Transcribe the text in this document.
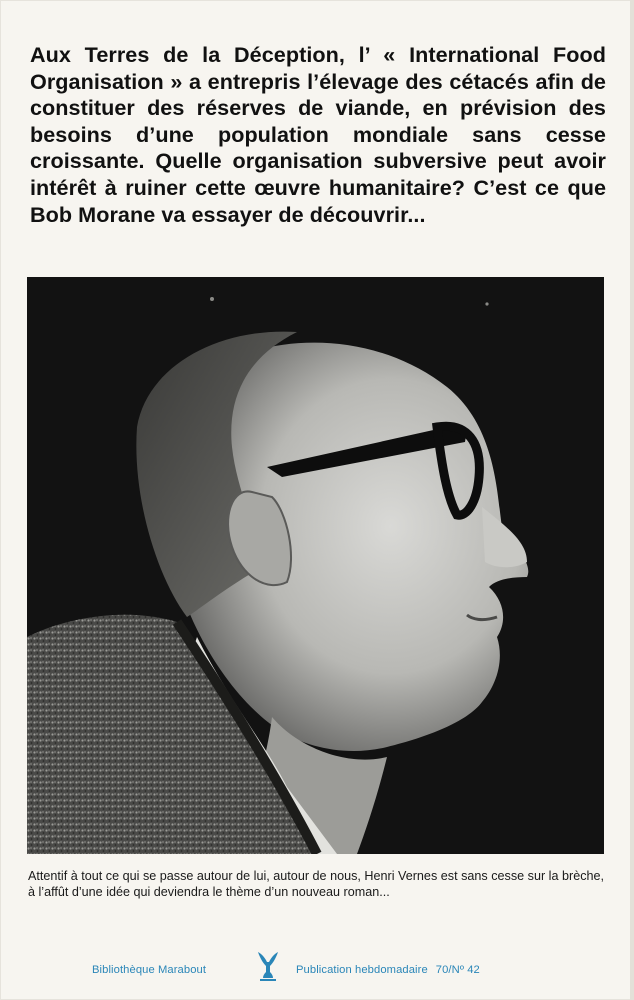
Aux Terres de la Déception, l’ « International Food Organisation » a entrepris l’élevage des cétacés afin de constituer des réserves de viande, en prévision des besoins d’une population mondiale sans cesse croissante. Quelle organisation subversive peut avoir intérêt à ruiner cette œuvre humanitaire? C’est ce que Bob Morane va essayer de découvrir...

Attentif à tout ce qui se passe autour de lui, autour de nous, Henri Vernes est sans cesse sur la brèche, à l’affût d’une idée qui deviendra le thème d’un nouveau roman...

Bibliothèque Marabout	Publication hebdomadaire 70/Nº 42
